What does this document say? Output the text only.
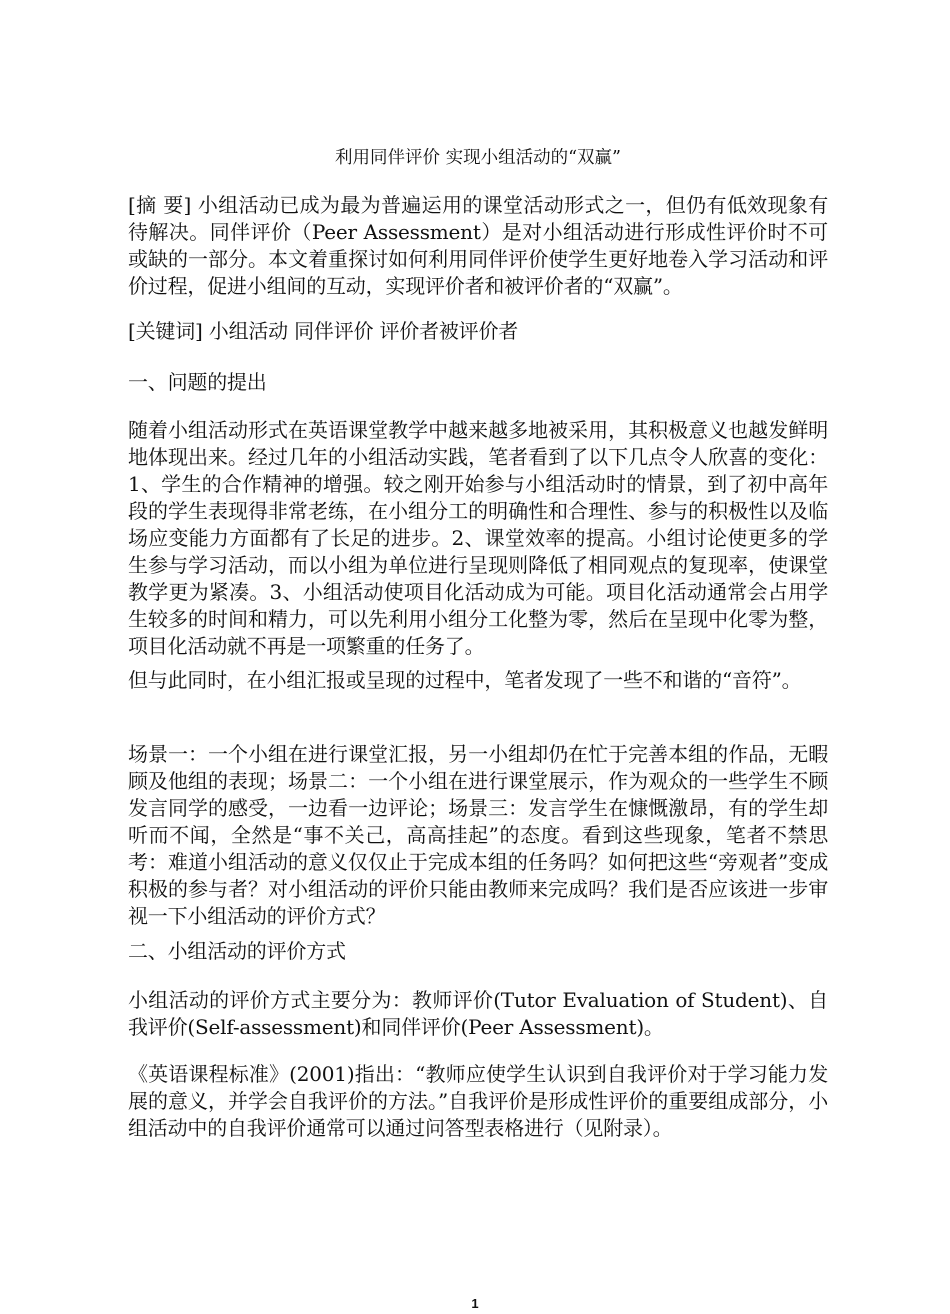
利用同伴评价 实现小组活动的“双赢”
[摘 要] 小组活动已成为最为普遍运用的课堂活动形式之一，但仍有低效现象有待解决。同伴评价（Peer Assessment）是对小组活动进行形成性评价时不可或缺的一部分。本文着重探讨如何利用同伴评价使学生更好地卷入学习活动和评价过程，促进小组间的互动，实现评价者和被评价者的“双赢”。
[关键词] 小组活动 同伴评价 评价者被评价者
一、问题的提出
随着小组活动形式在英语课堂教学中越来越多地被采用，其积极意义也越发鲜明地体现出来。经过几年的小组活动实践，笔者看到了以下几点令人欣喜的变化：1、学生的合作精神的增强。较之刚开始参与小组活动时的情景，到了初中高年段的学生表现得非常老练，在小组分工的明确性和合理性、参与的积极性以及临场应变能力方面都有了长足的进步。2、课堂效率的提高。小组讨论使更多的学生参与学习活动，而以小组为单位进行呈现则降低了相同观点的复现率，使课堂教学更为紧凑。3、小组活动使项目化活动成为可能。项目化活动通常会占用学生较多的时间和精力，可以先利用小组分工化整为零，然后在呈现中化零为整，项目化活动就不再是一项繁重的任务了。
但与此同时，在小组汇报或呈现的过程中，笔者发现了一些不和谐的“音符”。
场景一：一个小组在进行课堂汇报，另一小组却仍在忙于完善本组的作品，无暇顾及他组的表现；场景二：一个小组在进行课堂展示，作为观众的一些学生不顾发言同学的感受，一边看一边评论；场景三：发言学生在慷慨激昂，有的学生却听而不闻，全然是“事不关己，高高挂起”的态度。看到这些现象，笔者不禁思考：难道小组活动的意义仅仅止于完成本组的任务吗？如何把这些“旁观者”变成积极的参与者？对小组活动的评价只能由教师来完成吗？我们是否应该进一步审视一下小组活动的评价方式？
二、小组活动的评价方式
小组活动的评价方式主要分为：教师评价(Tutor Evaluation of Student)、自我评价(Self-assessment)和同伴评价(Peer Assessment)。
《英语课程标准》(2001)指出：“教师应使学生认识到自我评价对于学习能力发展的意义，并学会自我评价的方法。”自我评价是形成性评价的重要组成部分，小组活动中的自我评价通常可以通过问答型表格进行（见附录）。
1
